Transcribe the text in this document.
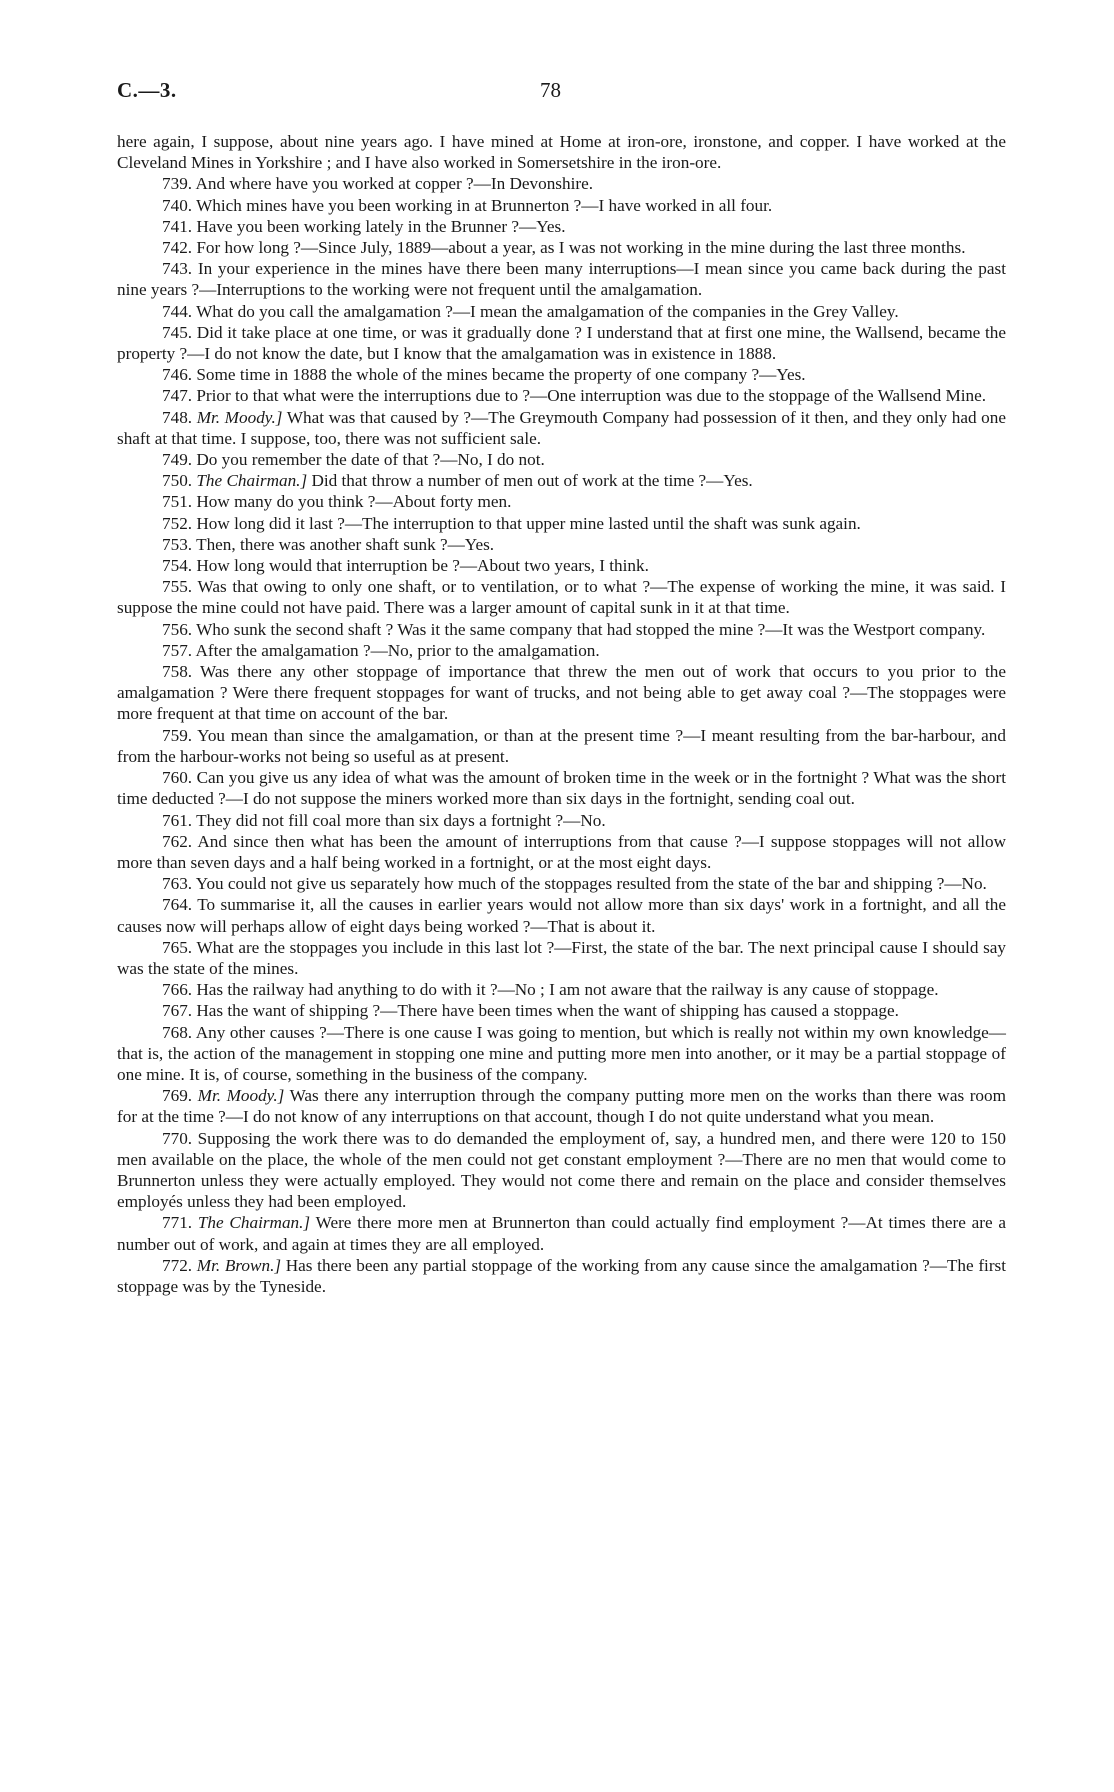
C.—3.	78

here again, I suppose, about nine years ago. I have mined at Home at iron-ore, ironstone, and copper. I have worked at the Cleveland Mines in Yorkshire ; and I have also worked in Somersetshire in the iron-ore.

739. And where have you worked at copper ?—In Devonshire.

740. Which mines have you been working in at Brunnerton ?—I have worked in all four.

741. Have you been working lately in the Brunner ?—Yes.

742. For how long ?—Since July, 1889—about a year, as I was not working in the mine during the last three months.

743. In your experience in the mines have there been many interruptions—I mean since you came back during the past nine years ?—Interruptions to the working were not frequent until the amalgamation.

744. What do you call the amalgamation ?—I mean the amalgamation of the companies in the Grey Valley.

745. Did it take place at one time, or was it gradually done ? I understand that at first one mine, the Wallsend, became the property ?—I do not know the date, but I know that the amalgamation was in existence in 1888.

746. Some time in 1888 the whole of the mines became the property of one company ?—Yes.

747. Prior to that what were the interruptions due to ?—One interruption was due to the stoppage of the Wallsend Mine.

748. Mr. Moody.] What was that caused by ?—The Greymouth Company had possession of it then, and they only had one shaft at that time. I suppose, too, there was not sufficient sale.

749. Do you remember the date of that ?—No, I do not.

750. The Chairman.] Did that throw a number of men out of work at the time ?—Yes.

751. How many do you think ?—About forty men.

752. How long did it last ?—The interruption to that upper mine lasted until the shaft was sunk again.

753. Then, there was another shaft sunk ?—Yes.

754. How long would that interruption be ?—About two years, I think.

755. Was that owing to only one shaft, or to ventilation, or to what ?—The expense of working the mine, it was said. I suppose the mine could not have paid. There was a larger amount of capital sunk in it at that time.

756. Who sunk the second shaft ? Was it the same company that had stopped the mine ?—It was the Westport company.

757. After the amalgamation ?—No, prior to the amalgamation.

758. Was there any other stoppage of importance that threw the men out of work that occurs to you prior to the amalgamation ? Were there frequent stoppages for want of trucks, and not being able to get away coal ?—The stoppages were more frequent at that time on account of the bar.

759. You mean than since the amalgamation, or than at the present time ?—I meant resulting from the bar-harbour, and from the harbour-works not being so useful as at present.

760. Can you give us any idea of what was the amount of broken time in the week or in the fortnight ? What was the short time deducted ?—I do not suppose the miners worked more than six days in the fortnight, sending coal out.

761. They did not fill coal more than six days a fortnight ?—No.

762. And since then what has been the amount of interruptions from that cause ?—I suppose stoppages will not allow more than seven days and a half being worked in a fortnight, or at the most eight days.

763. You could not give us separately how much of the stoppages resulted from the state of the bar and shipping ?—No.

764. To summarise it, all the causes in earlier years would not allow more than six days' work in a fortnight, and all the causes now will perhaps allow of eight days being worked ?—That is about it.

765. What are the stoppages you include in this last lot ?—First, the state of the bar. The next principal cause I should say was the state of the mines.

766. Has the railway had anything to do with it ?—No ; I am not aware that the railway is any cause of stoppage.

767. Has the want of shipping ?—There have been times when the want of shipping has caused a stoppage.

768. Any other causes ?—There is one cause I was going to mention, but which is really not within my own knowledge—that is, the action of the management in stopping one mine and putting more men into another, or it may be a partial stoppage of one mine. It is, of course, something in the business of the company.

769. Mr. Moody.] Was there any interruption through the company putting more men on the works than there was room for at the time ?—I do not know of any interruptions on that account, though I do not quite understand what you mean.

770. Supposing the work there was to do demanded the employment of, say, a hundred men, and there were 120 to 150 men available on the place, the whole of the men could not get constant employment ?—There are no men that would come to Brunnerton unless they were actually employed. They would not come there and remain on the place and consider themselves employés unless they had been employed.

771. The Chairman.] Were there more men at Brunnerton than could actually find employment ?—At times there are a number out of work, and again at times they are all employed.

772. Mr. Brown.] Has there been any partial stoppage of the working from any cause since the amalgamation ?—The first stoppage was by the Tyneside.
